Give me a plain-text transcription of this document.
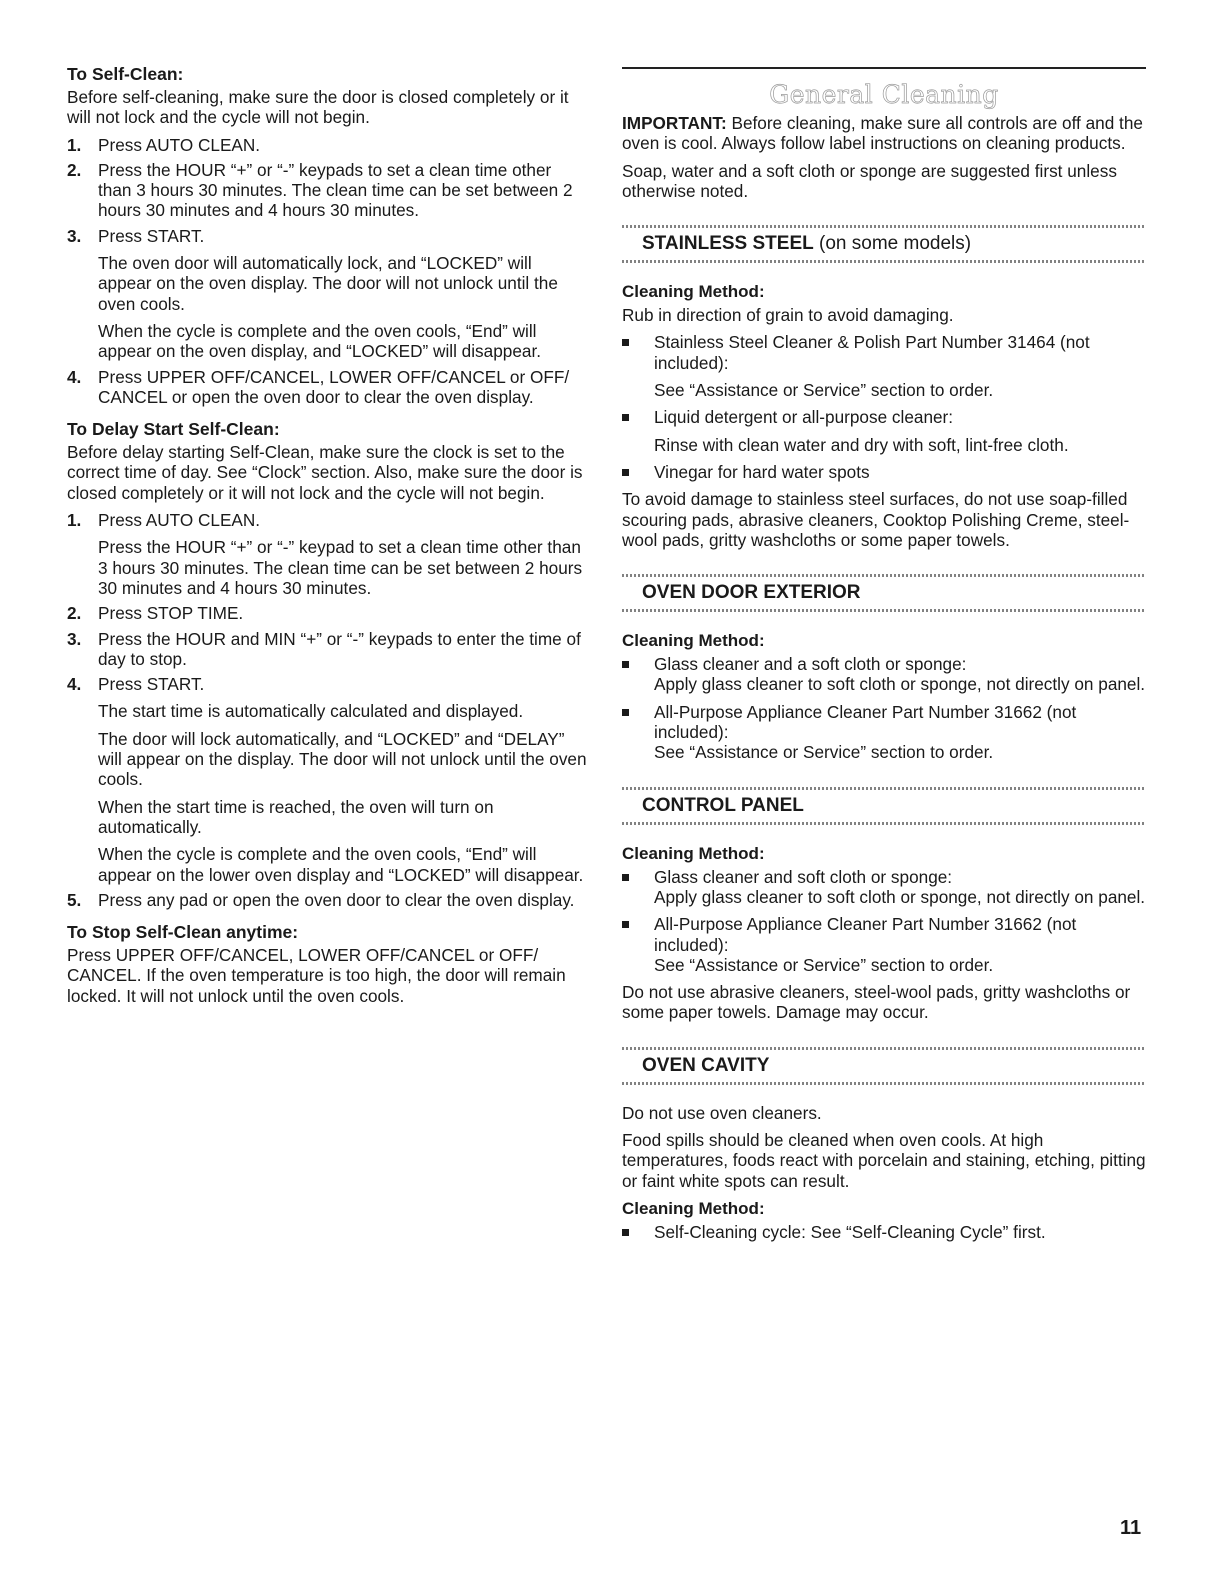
To Self-Clean:

Before self-cleaning, make sure the door is closed completely or it will not lock and the cycle will not begin.

1. Press AUTO CLEAN.
2. Press the HOUR “+” or “-” keypads to set a clean time other than 3 hours 30 minutes. The clean time can be set between 2 hours 30 minutes and 4 hours 30 minutes.
3. Press START.

The oven door will automatically lock, and “LOCKED” will appear on the oven display. The door will not unlock until the oven cools.

When the cycle is complete and the oven cools, “End” will appear on the oven display, and “LOCKED” will disappear.

4. Press UPPER OFF/CANCEL, LOWER OFF/CANCEL or OFF/ CANCEL or open the oven door to clear the oven display.
To Delay Start Self-Clean:

Before delay starting Self-Clean, make sure the clock is set to the correct time of day. See “Clock” section. Also, make sure the door is closed completely or it will not lock and the cycle will not begin.

1. Press AUTO CLEAN.

Press the HOUR “+” or “-” keypad to set a clean time other than 3 hours 30 minutes. The clean time can be set between 2 hours 30 minutes and 4 hours 30 minutes.

2. Press STOP TIME.
3. Press the HOUR and MIN “+” or “-” keypads to enter the time of day to stop.
4. Press START.

The start time is automatically calculated and displayed.

The door will lock automatically, and “LOCKED” and “DELAY” will appear on the display. The door will not unlock until the oven cools.

When the start time is reached, the oven will turn on automatically.

When the cycle is complete and the oven cools, “End” will appear on the lower oven display and “LOCKED” will disappear.

5. Press any pad or open the oven door to clear the oven display.
To Stop Self-Clean anytime:

Press UPPER OFF/CANCEL, LOWER OFF/CANCEL or OFF/ CANCEL. If the oven temperature is too high, the door will remain locked. It will not unlock until the oven cools.

General Cleaning

IMPORTANT: Before cleaning, make sure all controls are off and the oven is cool. Always follow label instructions on cleaning products.

Soap, water and a soft cloth or sponge are suggested first unless otherwise noted.

STAINLESS STEEL (on some models)
Cleaning Method:

Rub in direction of grain to avoid damaging.

Stainless Steel Cleaner & Polish Part Number 31464 (not included):

See “Assistance or Service” section to order.

Liquid detergent or all-purpose cleaner:

Rinse with clean water and dry with soft, lint-free cloth.

Vinegar for hard water spots

To avoid damage to stainless steel surfaces, do not use soap-filled scouring pads, abrasive cleaners, Cooktop Polishing Creme, steel-wool pads, gritty washcloths or some paper towels.

OVEN DOOR EXTERIOR
Cleaning Method:
Glass cleaner and a soft cloth or sponge:

Apply glass cleaner to soft cloth or sponge, not directly on panel.

All-Purpose Appliance Cleaner Part Number 31662 (not included):

See “Assistance or Service” section to order.

CONTROL PANEL
Cleaning Method:
Glass cleaner and soft cloth or sponge:

Apply glass cleaner to soft cloth or sponge, not directly on panel.

All-Purpose Appliance Cleaner Part Number 31662 (not included):

See “Assistance or Service” section to order.

Do not use abrasive cleaners, steel-wool pads, gritty washcloths or some paper towels. Damage may occur.

OVEN CAVITY

Do not use oven cleaners.

Food spills should be cleaned when oven cools. At high temperatures, foods react with porcelain and staining, etching, pitting or faint white spots can result.

Cleaning Method:
Self-Cleaning cycle: See “Self-Cleaning Cycle” first.
11
